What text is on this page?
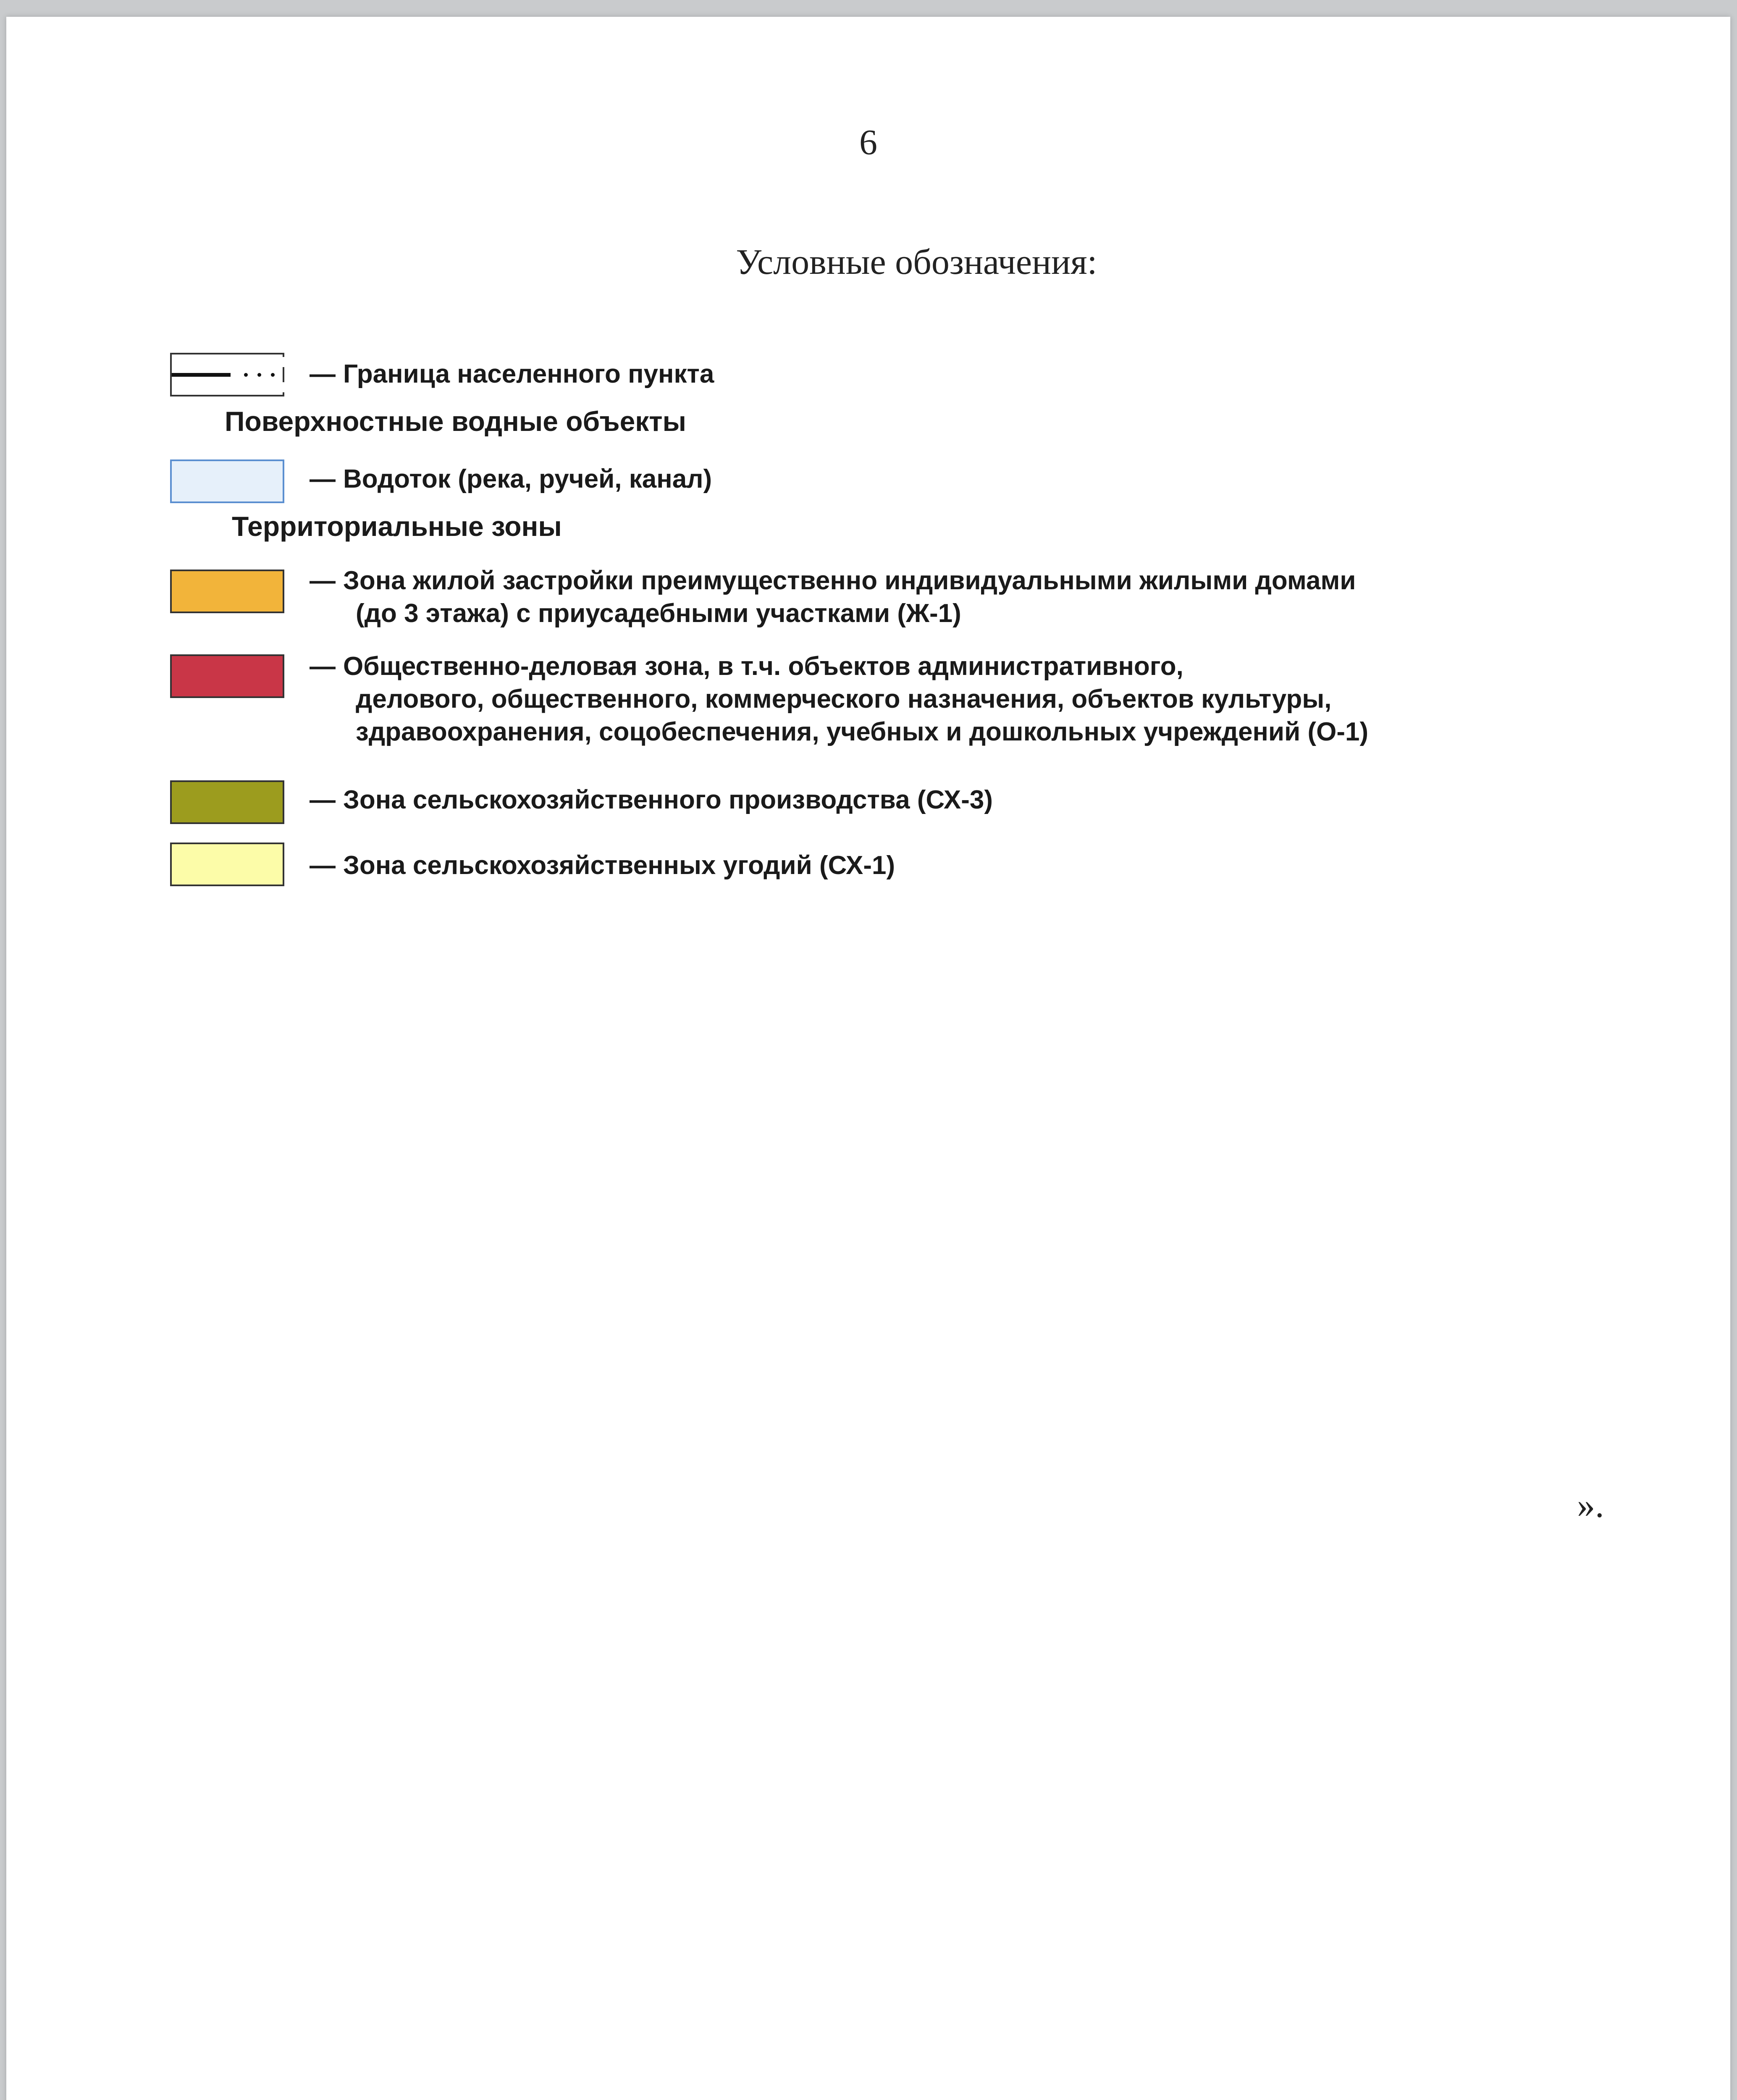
6
Условные обозначения:
— Граница населенного пункта
Поверхностные водные объекты
— Водоток (река, ручей, канал)
Территориальные зоны
— Зона жилой застройки преимущественно индивидуальными жилыми домами
(до 3 этажа) с приусадебными участками (Ж-1)
— Общественно-деловая зона, в т.ч. объектов административного,
делового, общественного, коммерческого назначения, объектов культуры,
здравоохранения, соцобеспечения, учебных и дошкольных учреждений (О-1)
— Зона сельскохозяйственного производства (СХ-3)
— Зона сельскохозяйственных угодий (СХ-1)
».
